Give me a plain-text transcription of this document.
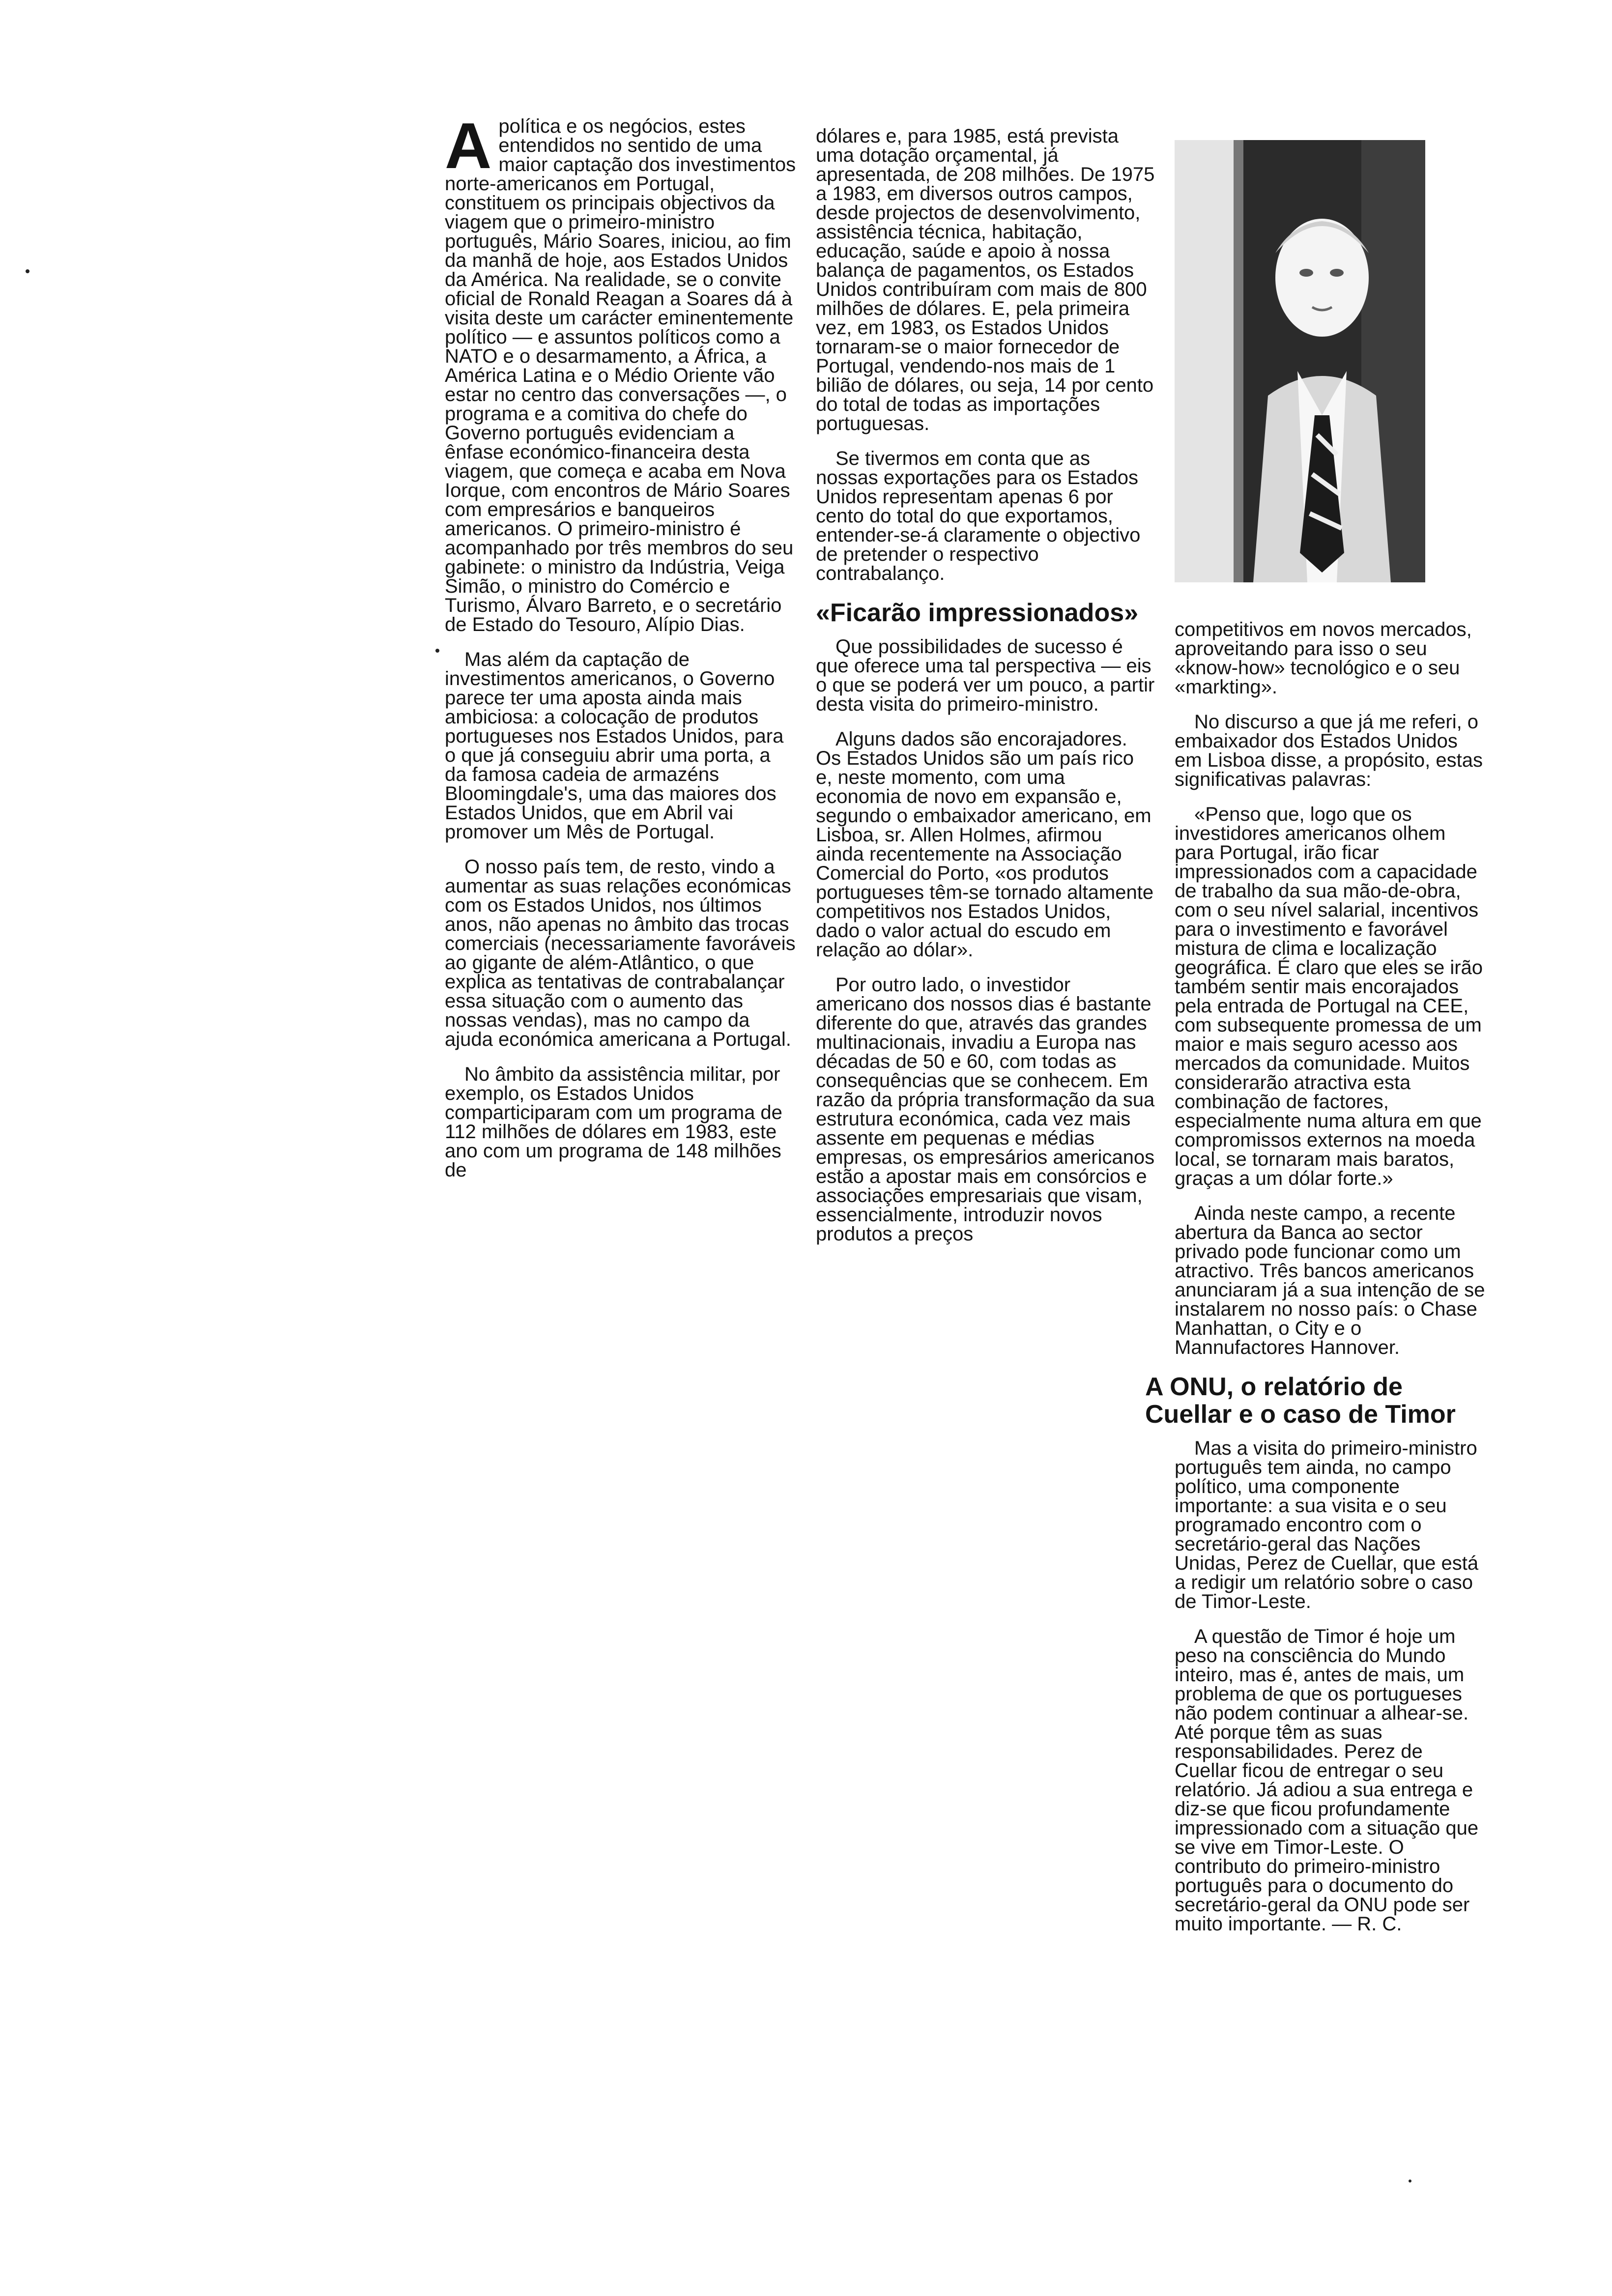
Apolítica e os negócios, estes entendidos no sentido de uma maior captação dos investimentos norte-americanos em Portugal, constituem os principais objectivos da viagem que o primeiro-ministro português, Mário Soares, iniciou, ao fim da manhã de hoje, aos Estados Unidos da América. Na realidade, se o convite oficial de Ronald Reagan a Soares dá à visita deste um carácter eminentemente político — e assuntos políticos como a NATO e o desarmamento, a África, a América Latina e o Médio Oriente vão estar no centro das conversações —, o programa e a comitiva do chefe do Governo português evidenciam a ênfase económico-financeira desta viagem, que começa e acaba em Nova Iorque, com encontros de Mário Soares com empresários e banqueiros americanos. O primeiro-ministro é acompanhado por três membros do seu gabinete: o ministro da Indústria, Veiga Simão, o ministro do Comércio e Turismo, Álvaro Barreto, e o secretário de Estado do Tesouro, Alípio Dias.

Mas além da captação de investimentos americanos, o Governo parece ter uma aposta ainda mais ambiciosa: a colocação de produtos portugueses nos Estados Unidos, para o que já conseguiu abrir uma porta, a da famosa cadeia de armazéns Bloomingdale's, uma das maiores dos Estados Unidos, que em Abril vai promover um Mês de Portugal.

O nosso país tem, de resto, vindo a aumentar as suas relações económicas com os Estados Unidos, nos últimos anos, não apenas no âmbito das trocas comerciais (necessariamente favoráveis ao gigante de além-Atlântico, o que explica as tentativas de contrabalançar essa situação com o aumento das nossas vendas), mas no campo da ajuda económica americana a Portugal.

No âmbito da assistência militar, por exemplo, os Estados Unidos comparticiparam com um programa de 112 milhões de dólares em 1983, este ano com um programa de 148 milhões de

dólares e, para 1985, está prevista uma dotação orçamental, já apresentada, de 208 milhões. De 1975 a 1983, em diversos outros campos, desde projectos de desenvolvimento, assistência técnica, habitação, educação, saúde e apoio à nossa balança de pagamentos, os Estados Unidos contribuíram com mais de 800 milhões de dólares. E, pela primeira vez, em 1983, os Estados Unidos tornaram-se o maior fornecedor de Portugal, vendendo-nos mais de 1 bilião de dólares, ou seja, 14 por cento do total de todas as importações portuguesas.

Se tivermos em conta que as nossas exportações para os Estados Unidos representam apenas 6 por cento do total do que exportamos, entender-se-á claramente o objectivo de pretender o respectivo contrabalanço.

«Ficarão impressionados»

Que possibilidades de sucesso é que oferece uma tal perspectiva — eis o que se poderá ver um pouco, a partir desta visita do primeiro-ministro.

Alguns dados são encorajadores. Os Estados Unidos são um país rico e, neste momento, com uma economia de novo em expansão e, segundo o embaixador americano, em Lisboa, sr. Allen Holmes, afirmou ainda recentemente na Associação Comercial do Porto, «os produtos portugueses têm-se tornado altamente competitivos nos Estados Unidos, dado o valor actual do escudo em relação ao dólar».

Por outro lado, o investidor americano dos nossos dias é bastante diferente do que, através das grandes multinacionais, invadiu a Europa nas décadas de 50 e 60, com todas as consequências que se conhecem. Em razão da própria transformação da sua estrutura económica, cada vez mais assente em pequenas e médias empresas, os empresários americanos estão a apostar mais em consórcios e associações empresariais que visam, essencialmente, introduzir novos produtos a preços

competitivos em novos mercados, aproveitando para isso o seu «know-how» tecnológico e o seu «markting».

No discurso a que já me referi, o embaixador dos Estados Unidos em Lisboa disse, a propósito, estas significativas palavras:

«Penso que, logo que os investidores americanos olhem para Portugal, irão ficar impressionados com a capacidade de trabalho da sua mão-de-obra, com o seu nível salarial, incentivos para o investimento e favorável mistura de clima e localização geográfica. É claro que eles se irão também sentir mais encorajados pela entrada de Portugal na CEE, com subsequente promessa de um maior e mais seguro acesso aos mercados da comunidade. Muitos considerarão atractiva esta combinação de factores, especialmente numa altura em que compromissos externos na moeda local, se tornaram mais baratos, graças a um dólar forte.»

Ainda neste campo, a recente abertura da Banca ao sector privado pode funcionar como um atractivo. Três bancos americanos anunciaram já a sua intenção de se instalarem no nosso país: o Chase Manhattan, o City e o Mannufactores Hannover.

A ONU, o relatório de Cuellar e o caso de Timor

Mas a visita do primeiro-ministro português tem ainda, no campo político, uma componente importante: a sua visita e o seu programado encontro com o secretário-geral das Nações Unidas, Perez de Cuellar, que está a redigir um relatório sobre o caso de Timor-Leste.

A questão de Timor é hoje um peso na consciência do Mundo inteiro, mas é, antes de mais, um problema de que os portugueses não podem continuar a alhear-se. Até porque têm as suas responsabilidades. Perez de Cuellar ficou de entregar o seu relatório. Já adiou a sua entrega e diz-se que ficou profundamente impressionado com a situação que se vive em Timor-Leste. O contributo do primeiro-ministro português para o documento do secretário-geral da ONU pode ser muito importante. — R. C.
